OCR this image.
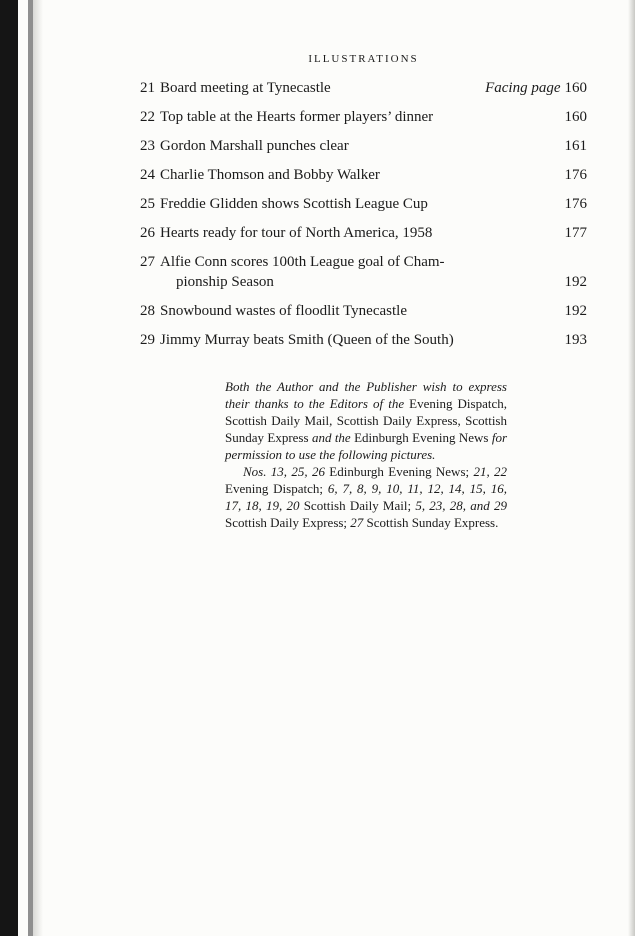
ILLUSTRATIONS
21 Board meeting at Tynecastle	Facing page 160
22 Top table at the Hearts former players’ dinner	160
23 Gordon Marshall punches clear	161
24 Charlie Thomson and Bobby Walker	176
25 Freddie Glidden shows Scottish League Cup	176
26 Hearts ready for tour of North America, 1958	177
27 Alfie Conn scores 100th League goal of Cham-
pionship Season	192
28 Snowbound wastes of floodlit Tynecastle	192
29 Jimmy Murray beats Smith (Queen of the South)	193

Both the Author and the Publisher wish to express their thanks to the Editors of the Evening Dispatch, Scottish Daily Mail, Scottish Daily Express, Scottish Sunday Express and the Edinburgh Evening News for permission to use the following pictures.

Nos. 13, 25, 26 Edinburgh Evening News; 21, 22 Evening Dispatch; 6, 7, 8, 9, 10, 11, 12, 14, 15, 16, 17, 18, 19, 20 Scottish Daily Mail; 5, 23, 28, and 29 Scottish Daily Express; 27 Scottish Sunday Express.
